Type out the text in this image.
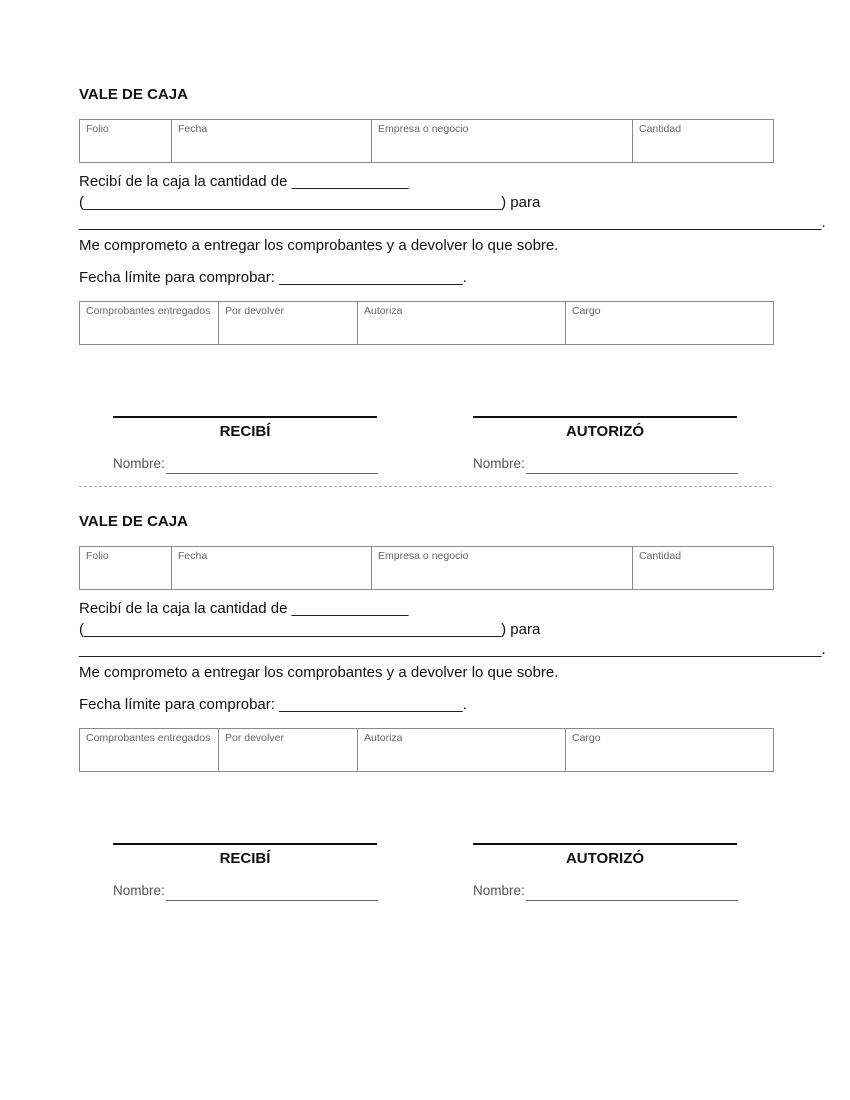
VALE DE CAJA
Folio	Fecha	Empresa o negocio	Cantidad
Recibí de la caja la cantidad de ______________
(__________________________________________________) para
_________________________________________________________________________________________.
Me comprometo a entregar los comprobantes y a devolver lo que sobre.
Fecha límite para comprobar: ______________________.
Comprobantes entregados	Por devolver	Autoriza	Cargo
RECIBÍ	AUTORIZÓ
Nombre:	Nombre:
VALE DE CAJA
Folio	Fecha	Empresa o negocio	Cantidad
Recibí de la caja la cantidad de ______________
(__________________________________________________) para
_________________________________________________________________________________________.
Me comprometo a entregar los comprobantes y a devolver lo que sobre.
Fecha límite para comprobar: ______________________.
Comprobantes entregados	Por devolver	Autoriza	Cargo
RECIBÍ	AUTORIZÓ
Nombre:	Nombre:
